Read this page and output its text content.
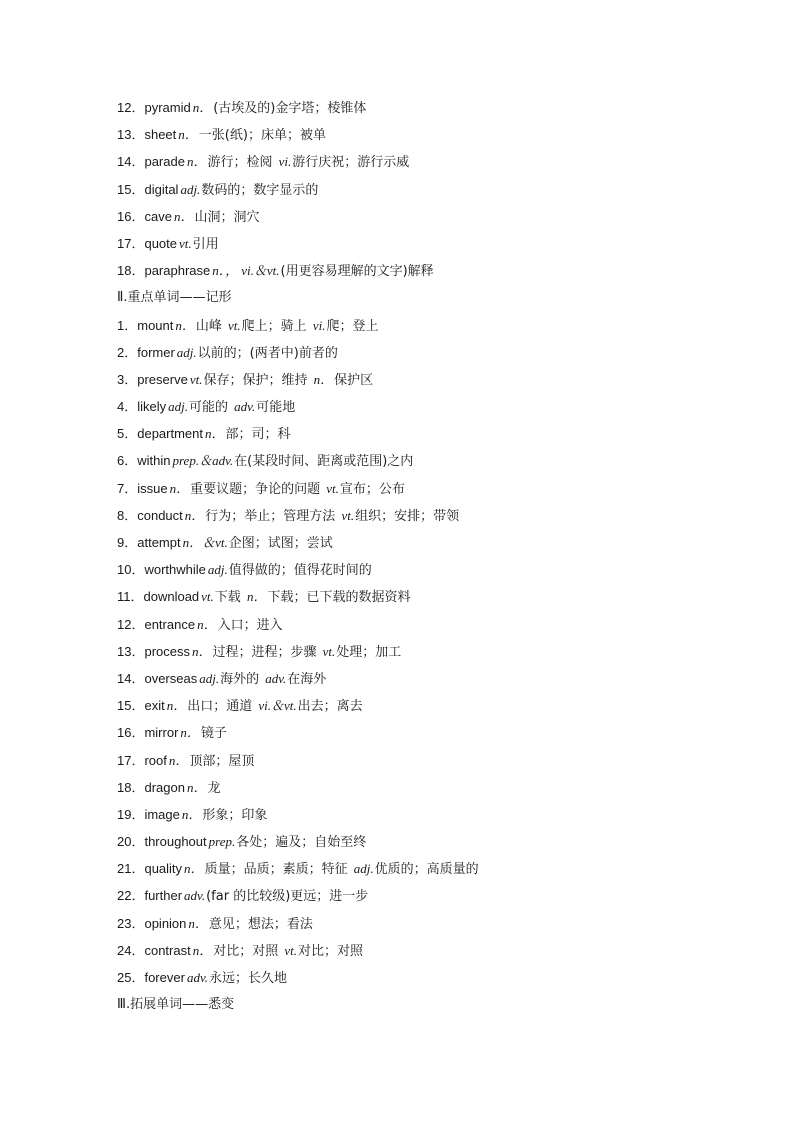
12．pyramid n．(古埃及的)金字塔；棱锥体
13．sheet n．一张(纸)；床单；被单
14．parade n．游行；检阅 vi.游行庆祝；游行示威
15．digital adj.数码的；数字显示的
16．cave n．山洞；洞穴
17．quote vt.引用
18．paraphrase n．， vi.＆vt.(用更容易理解的文字)解释
Ⅱ.重点单词——记形
1．mount n．山峰 vt.爬上；骑上 vi.爬；登上
2．former adj.以前的；(两者中)前者的
3．preserve vt.保存；保护；维持 n．保护区
4．likely adj.可能的 adv.可能地
5．department n．部；司；科
6．within prep.＆adv.在(某段时间、距离或范围)之内
7．issue n．重要议题；争论的问题 vt.宣布；公布
8．conduct n．行为；举止；管理方法 vt.组织；安排；带领
9．attempt n．＆vt.企图；试图；尝试
10．worthwhile adj.值得做的；值得花时间的
11．download vt.下载 n．下载；已下载的数据资料
12．entrance n．入口；进入
13．process n．过程；进程；步骤 vt.处理；加工
14．overseas adj.海外的 adv.在海外
15．exit n．出口；通道 vi.＆vt.出去；离去
16．mirror n．镜子
17．roof n．顶部；屋顶
18．dragon n．龙
19．image n．形象；印象
20．throughout prep.各处；遍及；自始至终
21．quality n．质量；品质；素质；特征 adj.优质的；高质量的
22．further adv.(far 的比较级)更远；进一步
23．opinion n．意见；想法；看法
24．contrast n．对比；对照 vt.对比；对照
25．forever adv.永远；长久地
Ⅲ.拓展单词——悉变
